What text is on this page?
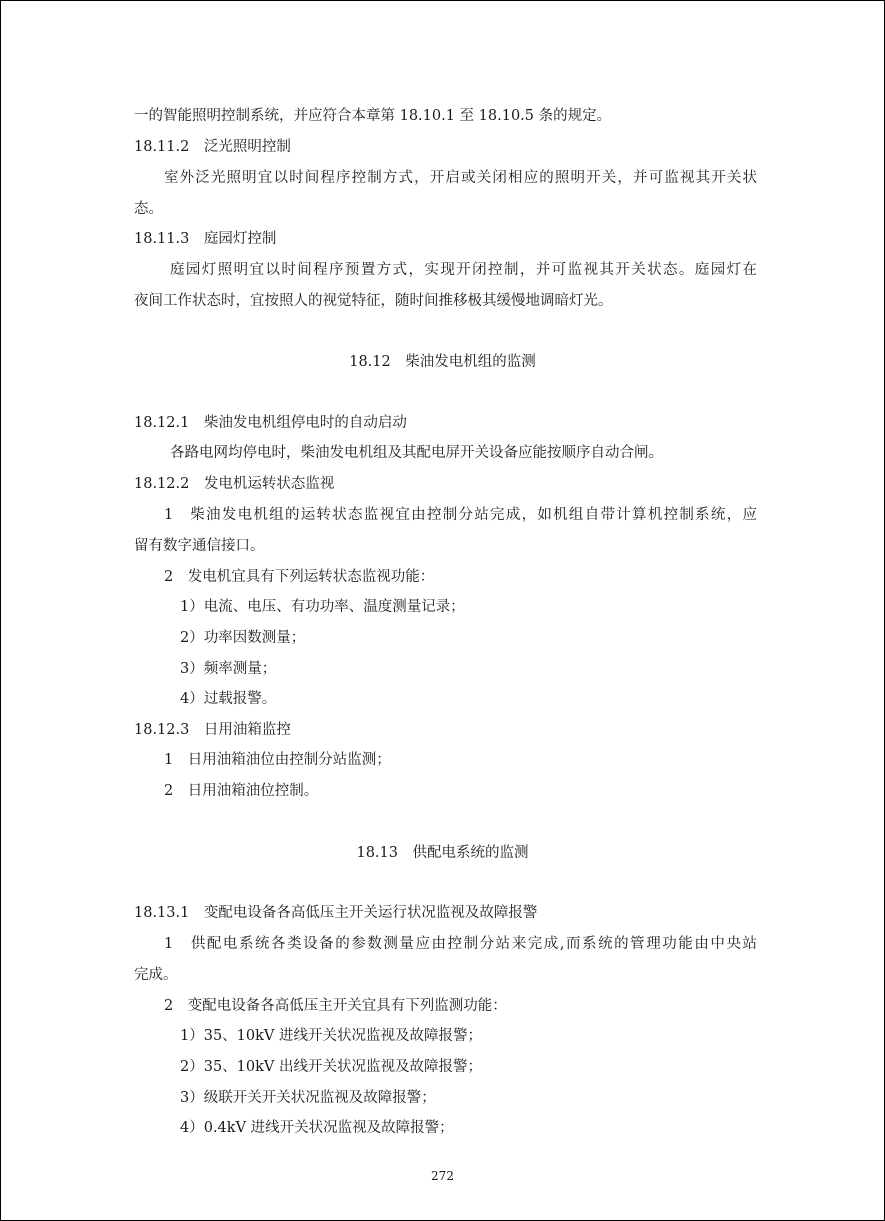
一的智能照明控制系统，并应符合本章第 18.10.1 至 18.10.5 条的规定。
18.11.2　泛光照明控制
室外泛光照明宜以时间程序控制方式，开启或关闭相应的照明开关，并可监视其开关状
态。
18.11.3　庭园灯控制
庭园灯照明宜以时间程序预置方式，实现开闭控制，并可监视其开关状态。庭园灯在
夜间工作状态时，宜按照人的视觉特征，随时间推移极其缓慢地调暗灯光。
18.12　 柴油发电机组的监测
18.12.1　柴油发电机组停电时的自动启动
各路电网均停电时，柴油发电机组及其配电屏开关设备应能按顺序自动合闸。
18.12.2　发电机运转状态监视
1　柴油发电机组的运转状态监视宜由控制分站完成，如机组自带计算机控制系统，应
留有数字通信接口。
2　发电机宜具有下列运转状态监视功能：
1）电流、电压、有功功率、温度测量记录；
2）功率因数测量；
3）频率测量；
4）过载报警。
18.12.3　日用油箱监控
1　日用油箱油位由控制分站监测；
2　日用油箱油位控制。
18.13　 供配电系统的监测
18.13.1　变配电设备各高低压主开关运行状况监视及故障报警
1　供配电系统各类设备的参数测量应由控制分站来完成,而系统的管理功能由中央站
完成。
2　变配电设备各高低压主开关宜具有下列监测功能：
1）35、10kV 进线开关状况监视及故障报警；
2）35、10kV 出线开关状况监视及故障报警；
3）级联开关开关状况监视及故障报警；
4）0.4kV 进线开关状况监视及故障报警；
272
